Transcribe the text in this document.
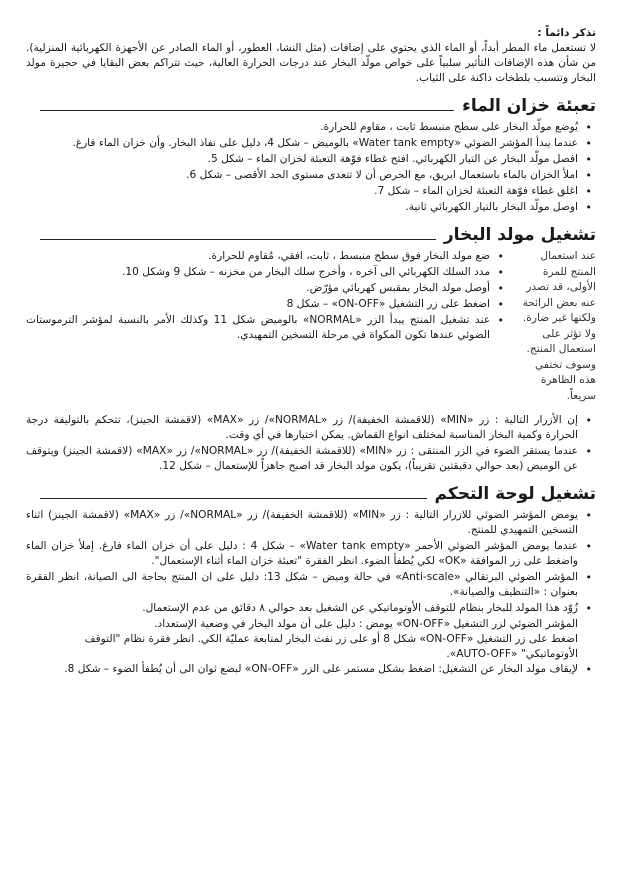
تذكر دائماً :

لا تستعمل ماء المطر أبداً، أو الماء الذي يحتوي على إضافات (مثل النشا، العطور، أو الماء الصادر عن الأجهزة الكهربائية المنزلية). من شأن هذه الإضافات التأثير سلبياً على خواص مولّد البخار عند درجات الحرارة العالية، حيث تتراكم بعض البقايا في حجيرة مولد البخار وتتسبب بلطخات داكنة على الثياب.

تعبئة خزان الماء
•
يُوضع مولّد البخار على سطح منبسط ثابت ، مقاوم للحرارة.
•
عندما يبدأ المؤشر الضوئي «Water tank empty» بالوميض – شكل 4، دليل على نفاذ البخار. وأن خزان الماء فارغ.
•
افصل مولّد البخار عن التيار الكهربائي. افتح غطاء فوّهة التعبئة لخزان الماء – شكل 5.
•
املأ الخزان بالماء باستعمال ابريق، مع الحرص أن لا تتعدى مستوى الحد الأقصى – شكل 6.
•
اغلق غطاء فوّهة التعبئة لخزان الماء – شكل 7.
•
اوصل مولّد البخار بالتيار الكهربائي ثانية.
تشغيل مولد البخار
عند استعمال المنتج للمرة الأولى، قد تصدر عنه بعض الرائحة ولكنها غير ضارة. ولا تؤثر على استعمال المنتج. وسوف تختفي هذه الظاهرة سريعاً.
•
ضع مولد البخار فوق سطح منبسط ، ثابت، افقي، مُقاوم للحرارة.
•
مدد السلك الكهربائي الى آخره ، وأخرج سلك البخار من مخزنه – شكل 9 وشكل 10.
•
أوصل مولد البخار بمقبس كهربائي مؤرّض.
•
اضغط على زر التشغيل «ON-OFF» – شكل 8
•
عند تشغيل المنتج يبدأ الزر «NORMAL» بالوميض شكل 11 وكذلك الأمر بالنسبة لمؤشر الترموستات الضوئي عندها تكون المكواة في مرحلة التسخين التمهيدي.
•
إن الأزرار التالية : زر «MIN» (للاقمشة الخفيفة)/ زر «NORMAL»/ زر «MAX» (لاقمشة الجينز)، تتحكم بالتوليفة درجة الحرارة وكمية البخار المناسبة لمختلف انواع القماش. يمكن اختيارها في أي وقت.
•
عندما يستقر الضوء في الزر المنتقى : زر «MIN» (للاقمشة الخفيفة)/ زر «NORMAL»/ زر «MAX» (لاقمشة الجينز) ويتوقف عن الوميض (بعد حوالي دقيقتين تقريباً)، يكون مولد البخار قد اصبح جاهزاً للإستعمال – شكل 12.
تشغيل لوحة التحكم
•
يومض المؤشر الضوئي للازرار التالية : زر «MIN» (للاقمشة الخفيفة)/ زر «NORMAL»/ زر «MAX» (لاقمشة الجينز) اثناء التسخين التمهيدي للمنتج.
•
عندما يومض المؤشر الضوئي الأحمر «Water tank empty» – شكل 4 : دليل على أن خزان الماء فارغ. إملأ خزان الماء واضغط على زر الموافقة «OK» لكي يُطفأ الضوء. انظر الفقرة "تعبئة خزان الماء أثناء الإستعمال".
•
المؤشر الضوئي البرتقالي «Anti-scale» في حالة وميض – شكل 13: دليل على ان المنتج بحاجة الى الصيانة، انظر الفقرة بعنوان : «التنظيف والصيانة».
•
زُوّد هذا المولد للبخار بنظام للتوقف الأوتوماتيكي عن الشغيل بعد حوالي ٨ دقائق من عدم الإستعمال.

المؤشر الضوئي لزر التشغيل «ON-OFF» يومض : دليل على أن مولد البخار في وضعية الإستعداد.

اضغط على زر التشغيل «ON-OFF» شكل 8 أو على زر نفث البخار لمتابعة عمليّة الكي. انظر فقرة نظام "التوقف الأوتوماتيكي" «AUTO-OFF».

•
لإيقاف مولد البخار عن التشغيل: اضغط بشكل مستمر على الزر «ON-OFF» لبضع ثوان الى أن يُطفأ الضوء – شكل 8.
